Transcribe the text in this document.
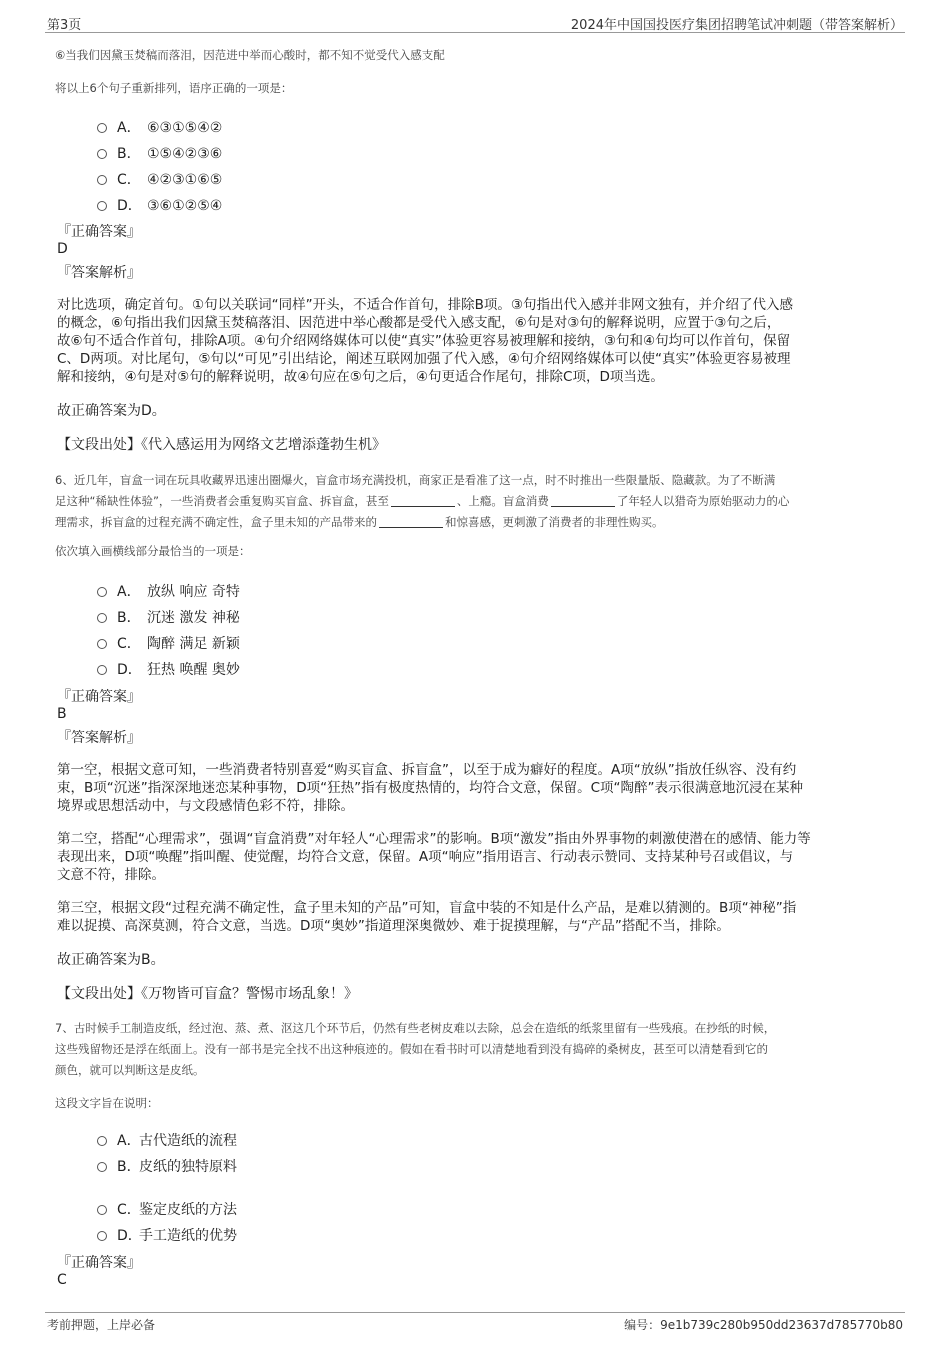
第3页	2024年中国国投医疗集团招聘笔试冲刺题（带答案解析）
⑥当我们因黛玉焚稿而落泪，因范进中举而心酸时，都不知不觉受代入感支配
将以上6个句子重新排列，语序正确的一项是：
A． ⑥③①⑤④②
B． ①⑤④②③⑥
C． ④②③①⑥⑤
D． ③⑥①②⑤④
『正确答案』
D
『答案解析』
对比选项，确定首句。①句以关联词“同样”开头，不适合作首句，排除B项。③句指出代入感并非网文独有，并介绍了代入感
的概念，⑥句指出我们因黛玉焚稿落泪、因范进中举心酸都是受代入感支配，⑥句是对③句的解释说明，应置于③句之后，
故⑥句不适合作首句，排除A项。④句介绍网络媒体可以使“真实”体验更容易被理解和接纳，③句和④句均可以作首句，保留
C、D两项。对比尾句，⑤句以“可见”引出结论，阐述互联网加强了代入感，④句介绍网络媒体可以使“真实”体验更容易被理
解和接纳，④句是对⑤句的解释说明，故④句应在⑤句之后，④句更适合作尾句，排除C项，D项当选。
故正确答案为D。
【文段出处】《代入感运用为网络文艺增添蓬勃生机》
6、近几年，盲盒一词在玩具收藏界迅速出圈爆火，盲盒市场充满投机，商家正是看准了这一点，时不时推出一些限量版、隐藏款。为了不断满
足这种“稀缺性体验”，一些消费者会重复购买盲盒、拆盲盒，甚至	、上瘾。盲盒消费	了年轻人以猎奇为原始驱动力的心
理需求，拆盲盒的过程充满不确定性，盒子里未知的产品带来的	和惊喜感，更刺激了消费者的非理性购买。
依次填入画横线部分最恰当的一项是：
A． 放纵 响应 奇特
B． 沉迷 激发 神秘
C． 陶醉 满足 新颖
D． 狂热 唤醒 奥妙
『正确答案』
B
『答案解析』
第一空，根据文意可知，一些消费者特别喜爱“购买盲盒、拆盲盒”，以至于成为癖好的程度。A项“放纵”指放任纵容、没有约
束，B项“沉迷”指深深地迷恋某种事物，D项“狂热”指有极度热情的，均符合文意，保留。C项“陶醉”表示很满意地沉浸在某种
境界或思想活动中，与文段感情色彩不符，排除。
第二空，搭配“心理需求”，强调“盲盒消费”对年轻人“心理需求”的影响。B项“激发”指由外界事物的刺激使潜在的感情、能力等
表现出来，D项“唤醒”指叫醒、使觉醒，均符合文意，保留。A项“响应”指用语言、行动表示赞同、支持某种号召或倡议，与
文意不符，排除。
第三空，根据文段“过程充满不确定性，盒子里未知的产品”可知，盲盒中装的不知是什么产品，是难以猜测的。B项“神秘”指
难以捉摸、高深莫测，符合文意，当选。D项“奥妙”指道理深奥微妙、难于捉摸理解，与“产品”搭配不当，排除。
故正确答案为B。
【文段出处】《万物皆可盲盒？警惕市场乱象！》
7、古时候手工制造皮纸，经过泡、蒸、煮、沤这几个环节后，仍然有些老树皮难以去除，总会在造纸的纸浆里留有一些残痕。在抄纸的时候，
这些残留物还是浮在纸面上。没有一部书是完全找不出这种痕迹的。假如在看书时可以清楚地看到没有捣碎的桑树皮，甚至可以清楚看到它的
颜色，就可以判断这是皮纸。
这段文字旨在说明：
A．古代造纸的流程
B．皮纸的独特原料
C．鉴定皮纸的方法
D．手工造纸的优势
『正确答案』
C
考前押题，上岸必备	编号：9e1b739c280b950dd23637d785770b80
